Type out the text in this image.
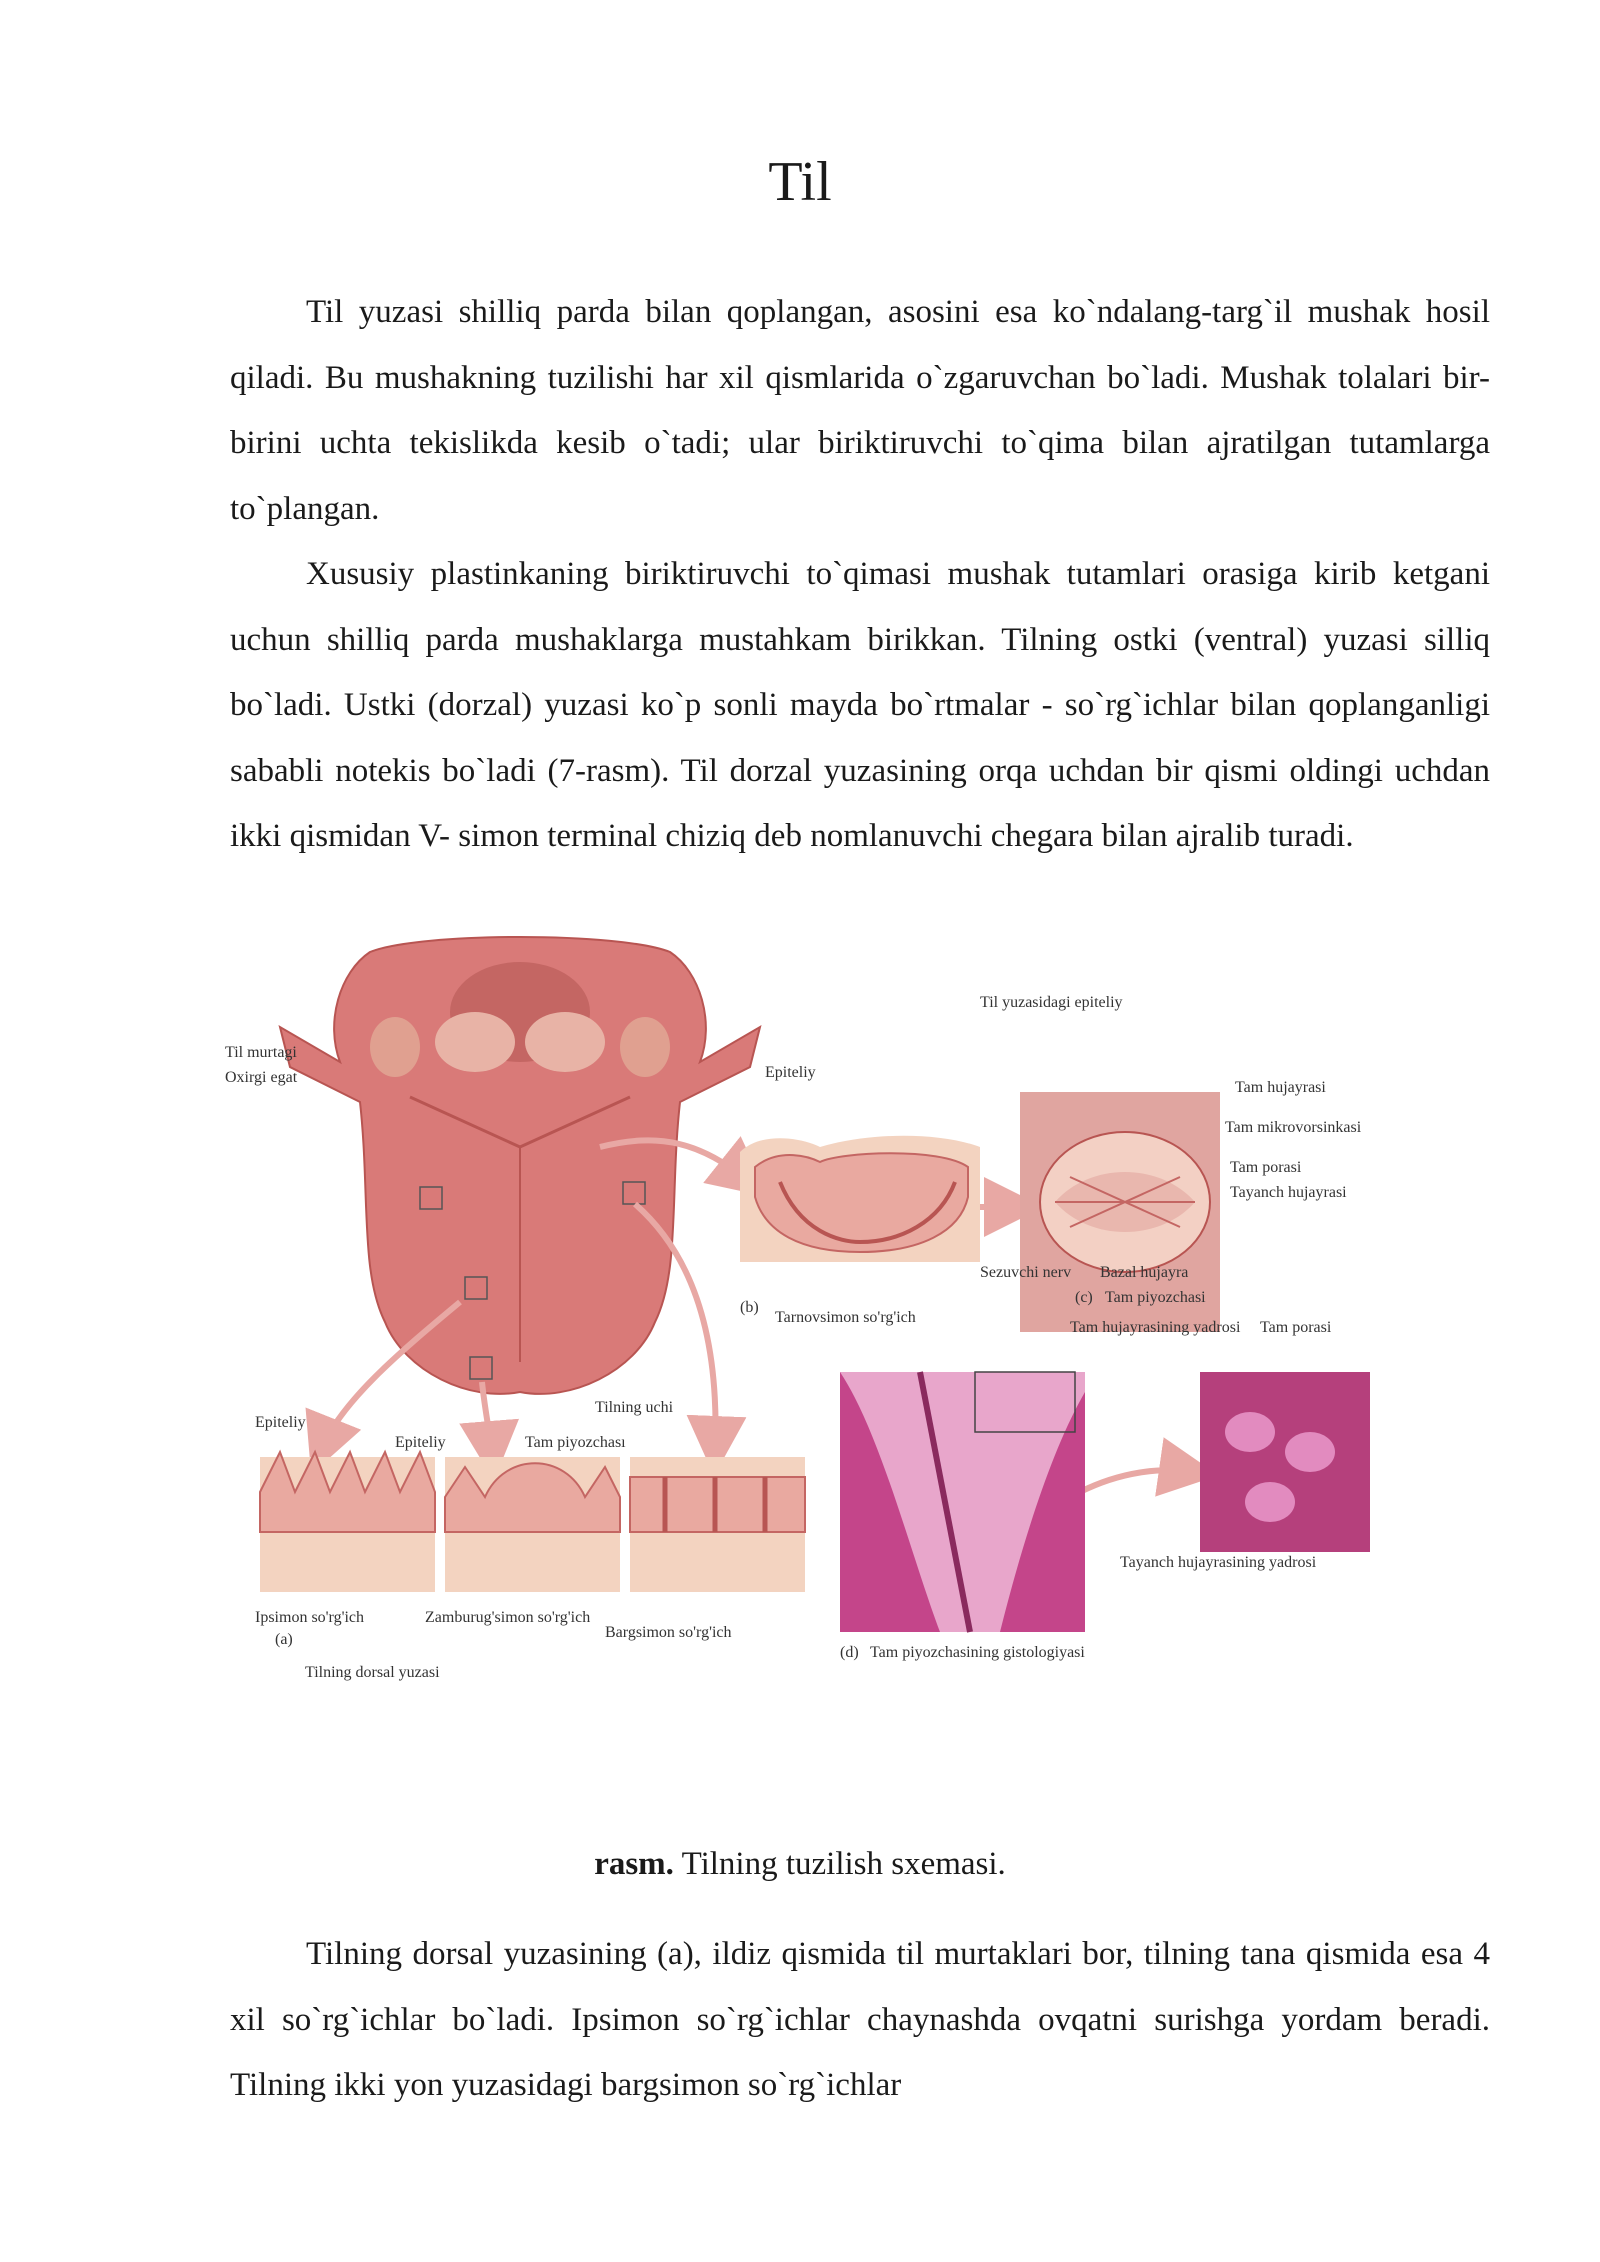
Til

Til yuzasi shilliq parda bilan qoplangan, asosini esa ko`ndalang-targ`il mushak hosil qiladi. Bu mushakning tuzilishi har xil qismlarida o`zgaruvchan bo`ladi. Mushak tolalari bir-birini uchta tekislikda kesib o`tadi; ular biriktiruvchi to`qima bilan ajratilgan tutamlarga to`plangan.

Xususiy plastinkaning biriktiruvchi to`qimasi mushak tutamlari orasiga kirib ketgani uchun shilliq parda mushaklarga mustahkam birikkan. Tilning ostki (ventral) yuzasi silliq bo`ladi. Ustki (dorzal) yuzasi ko`p sonli mayda bo`rtmalar - so`rg`ichlar bilan qoplanganligi sababli notekis bo`ladi (7-rasm). Til dorzal yuzasining orqa uchdan bir qismi oldingi uchdan ikki qismidan V- simon terminal chiziq deb nomlanuvchi chegara bilan ajralib turadi.

Til murtagi
Oxirgi egat	Epiteliy
Til yuzasidagi epiteliy
Tam hujayrasi
Tam mikrovorsinkasi
Tam porasi
Tayanch hujayrasi
Sezuvchi nerv Bazal hujayra
(c) Tam piyozchasi
(b)
Tarnovsimon so'rg'ich
Tam hujayrasining yadrosi Tam porasi
Tilning uchi
Epiteliy
Epiteliy	Tam piyozchası
Ipsimon so'rg'ich
(a)
Zamburug'simon so'rg'ich
Bargsimon so'rg'ich
Tilning dorsal yuzasi
Tayanch hujayrasining yadrosi
(d) Tam piyozchasining gistologiyasi

rasm. Tilning tuzilish sxemasi.

Tilning dorsal yuzasining (a), ildiz qismida til murtaklari bor, tilning tana qismida esa 4 xil so`rg`ichlar bo`ladi. Ipsimon so`rg`ichlar chaynashda ovqatni surishga yordam beradi. Tilning ikki yon yuzasidagi bargsimon so`rg`ichlar
